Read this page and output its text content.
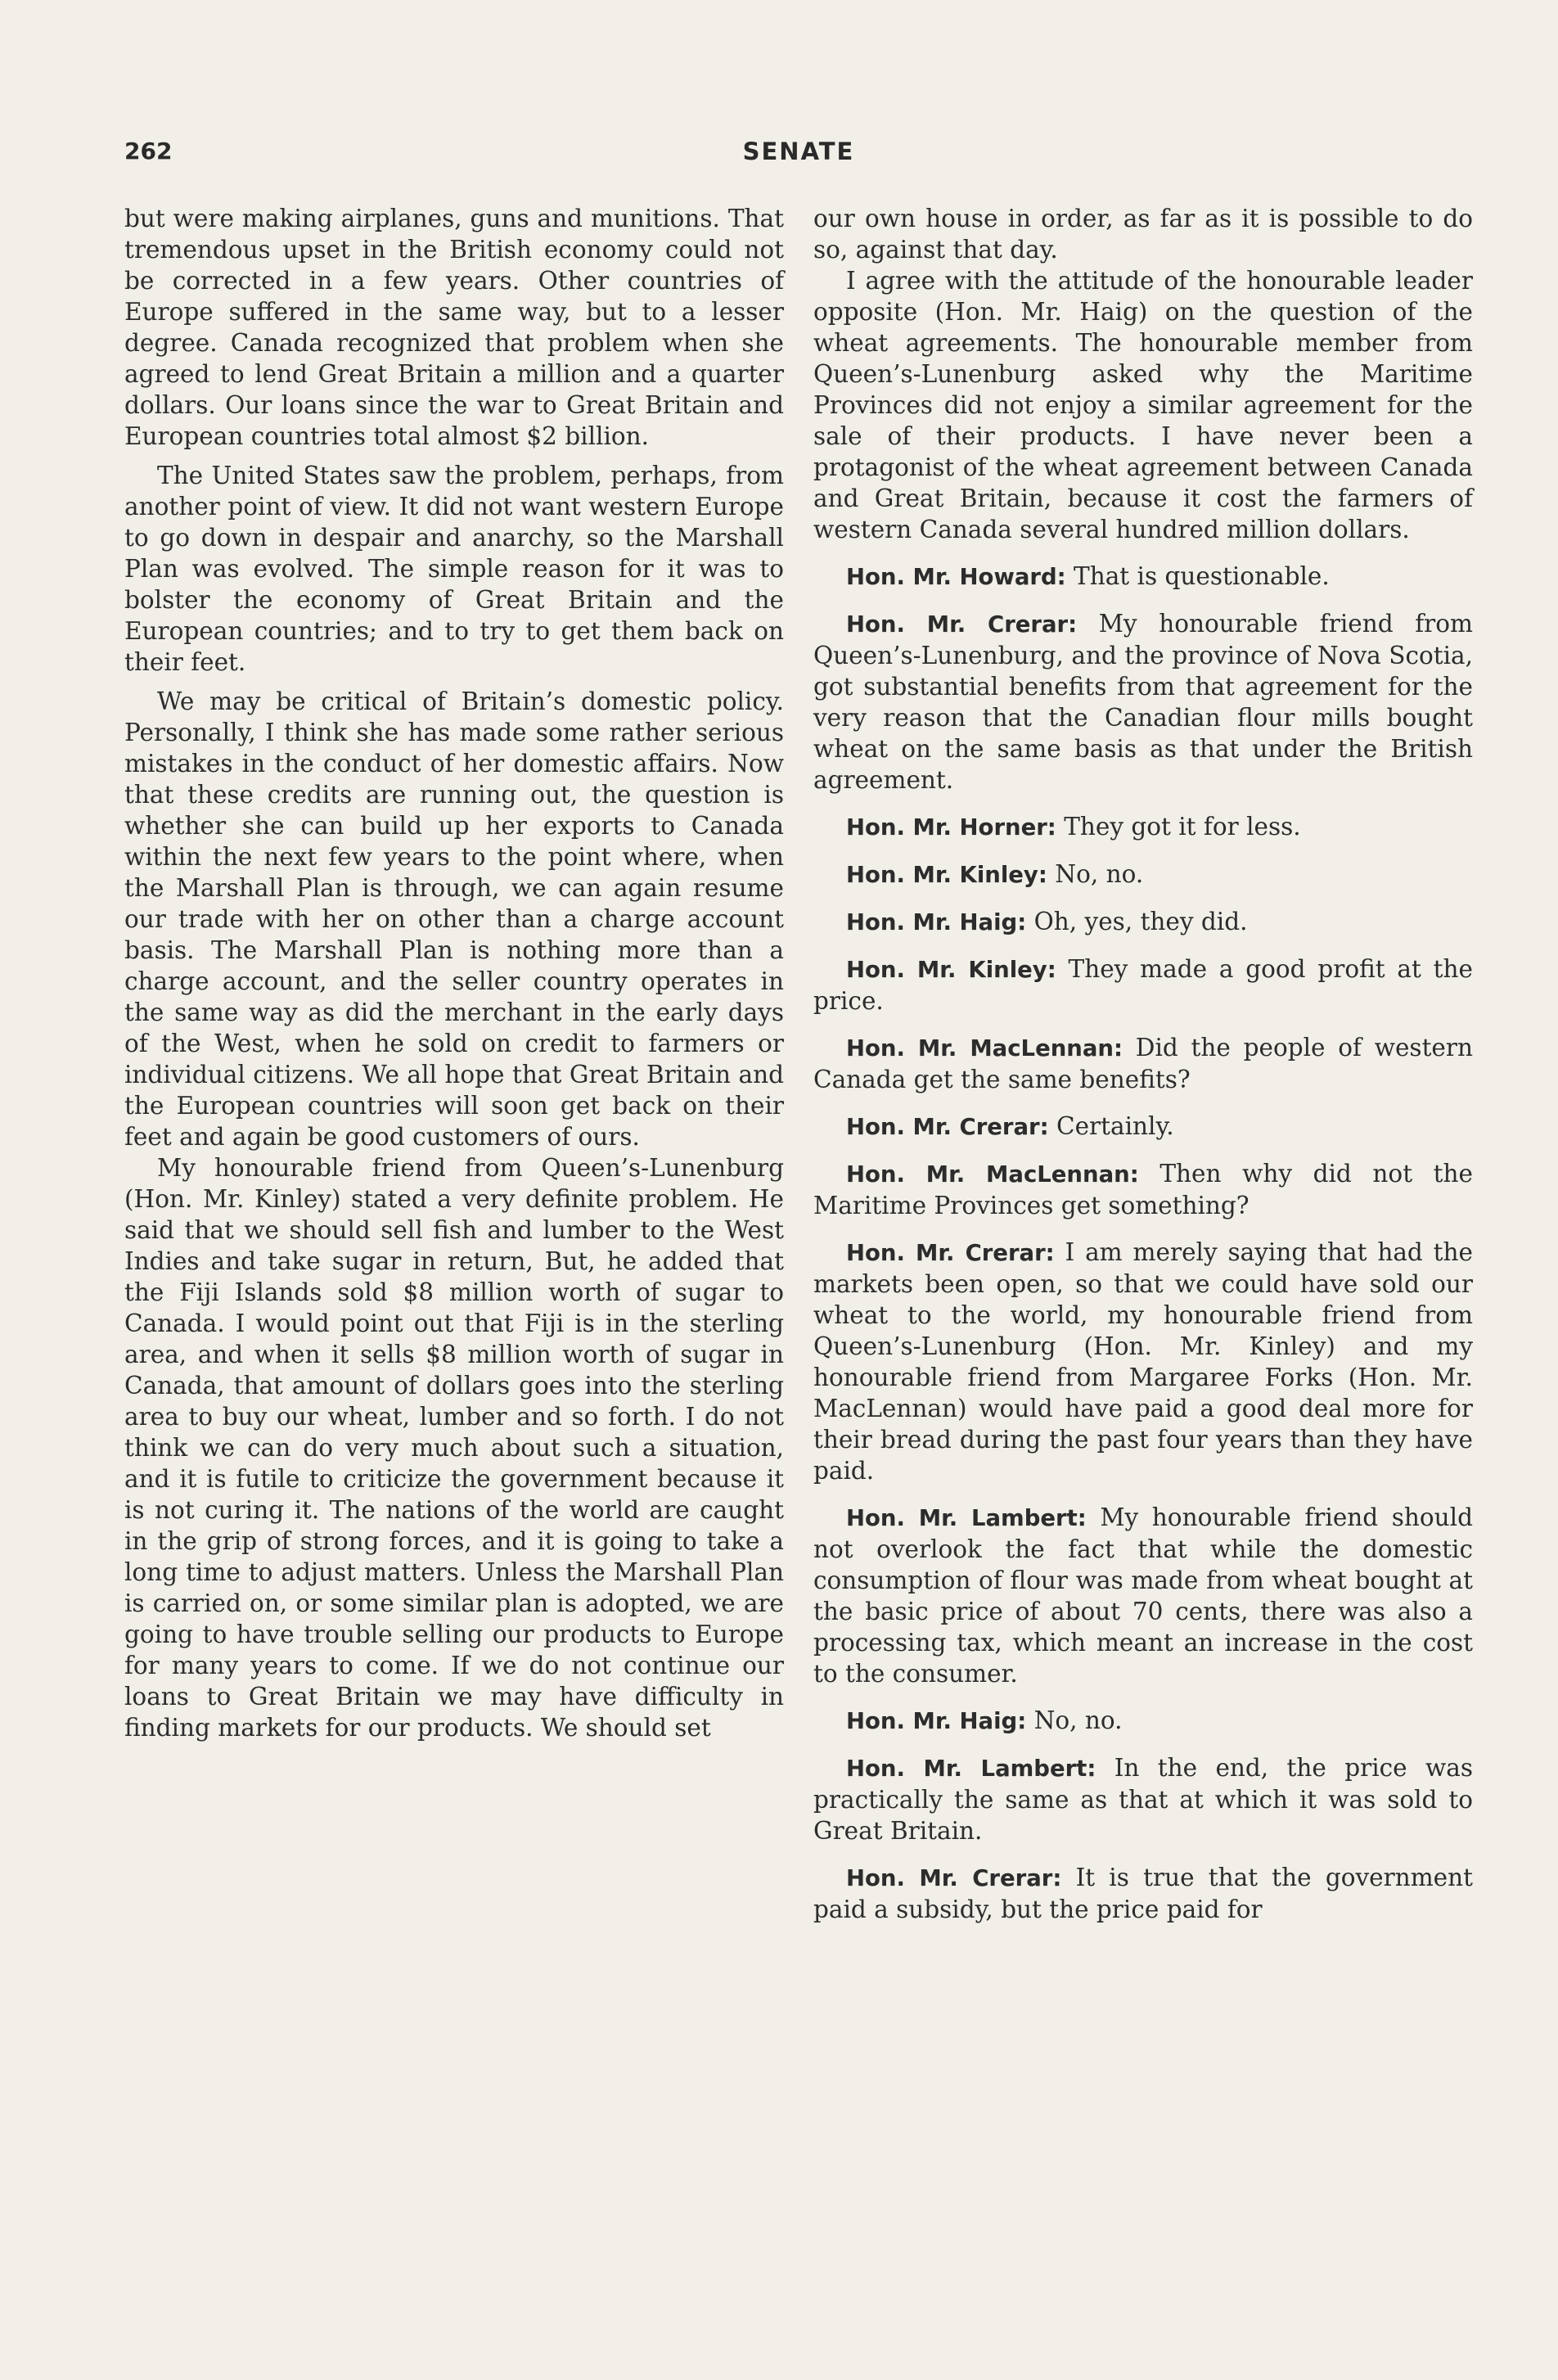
262	SENATE

but were making airplanes, guns and munitions. That tremendous upset in the British economy could not be corrected in a few years. Other countries of Europe suffered in the same way, but to a lesser degree. Canada recognized that problem when she agreed to lend Great Britain a million and a quarter dollars. Our loans since the war to Great Britain and European countries total almost $2 billion.

The United States saw the problem, perhaps, from another point of view. It did not want western Europe to go down in despair and anarchy, so the Marshall Plan was evolved. The simple reason for it was to bolster the economy of Great Britain and the European countries; and to try to get them back on their feet.

We may be critical of Britain’s domestic policy. Personally, I think she has made some rather serious mistakes in the conduct of her domestic affairs. Now that these credits are running out, the question is whether she can build up her exports to Canada within the next few years to the point where, when the Marshall Plan is through, we can again resume our trade with her on other than a charge account basis. The Marshall Plan is nothing more than a charge account, and the seller country operates in the same way as did the merchant in the early days of the West, when he sold on credit to farmers or individual citizens. We all hope that Great Britain and the European countries will soon get back on their feet and again be good customers of ours.

My honourable friend from Queen’s-Lunenburg (Hon. Mr. Kinley) stated a very definite problem. He said that we should sell fish and lumber to the West Indies and take sugar in return, But, he added that the Fiji Islands sold $8 million worth of sugar to Canada. I would point out that Fiji is in the sterling area, and when it sells $8 million worth of sugar in Canada, that amount of dollars goes into the sterling area to buy our wheat, lumber and so forth. I do not think we can do very much about such a situation, and it is futile to criticize the government because it is not curing it. The nations of the world are caught in the grip of strong forces, and it is going to take a long time to adjust matters. Unless the Marshall Plan is carried on, or some similar plan is adopted, we are going to have trouble selling our products to Europe for many years to come. If we do not continue our loans to Great Britain we may have difficulty in finding markets for our products. We should set

our own house in order, as far as it is possible to do so, against that day.

I agree with the attitude of the honourable leader opposite (Hon. Mr. Haig) on the question of the wheat agreements. The honourable member from Queen’s-Lunenburg asked why the Maritime Provinces did not enjoy a similar agreement for the sale of their products. I have never been a protagonist of the wheat agreement between Canada and Great Britain, because it cost the farmers of western Canada several hundred million dollars.

Hon. Mr. Howard: That is questionable.

Hon. Mr. Crerar: My honourable friend from Queen’s-Lunenburg, and the province of Nova Scotia, got substantial benefits from that agreement for the very reason that the Canadian flour mills bought wheat on the same basis as that under the British agreement.

Hon. Mr. Horner: They got it for less.

Hon. Mr. Kinley: No, no.

Hon. Mr. Haig: Oh, yes, they did.

Hon. Mr. Kinley: They made a good profit at the price.

Hon. Mr. MacLennan: Did the people of western Canada get the same benefits?

Hon. Mr. Crerar: Certainly.

Hon. Mr. MacLennan: Then why did not the Maritime Provinces get something?

Hon. Mr. Crerar: I am merely saying that had the markets been open, so that we could have sold our wheat to the world, my honourable friend from Queen’s-Lunenburg (Hon. Mr. Kinley) and my honourable friend from Margaree Forks (Hon. Mr. MacLennan) would have paid a good deal more for their bread during the past four years than they have paid.

Hon. Mr. Lambert: My honourable friend should not overlook the fact that while the domestic consumption of flour was made from wheat bought at the basic price of about 70 cents, there was also a processing tax, which meant an increase in the cost to the consumer.

Hon. Mr. Haig: No, no.

Hon. Mr. Lambert: In the end, the price was practically the same as that at which it was sold to Great Britain.

Hon. Mr. Crerar: It is true that the government paid a subsidy, but the price paid for
